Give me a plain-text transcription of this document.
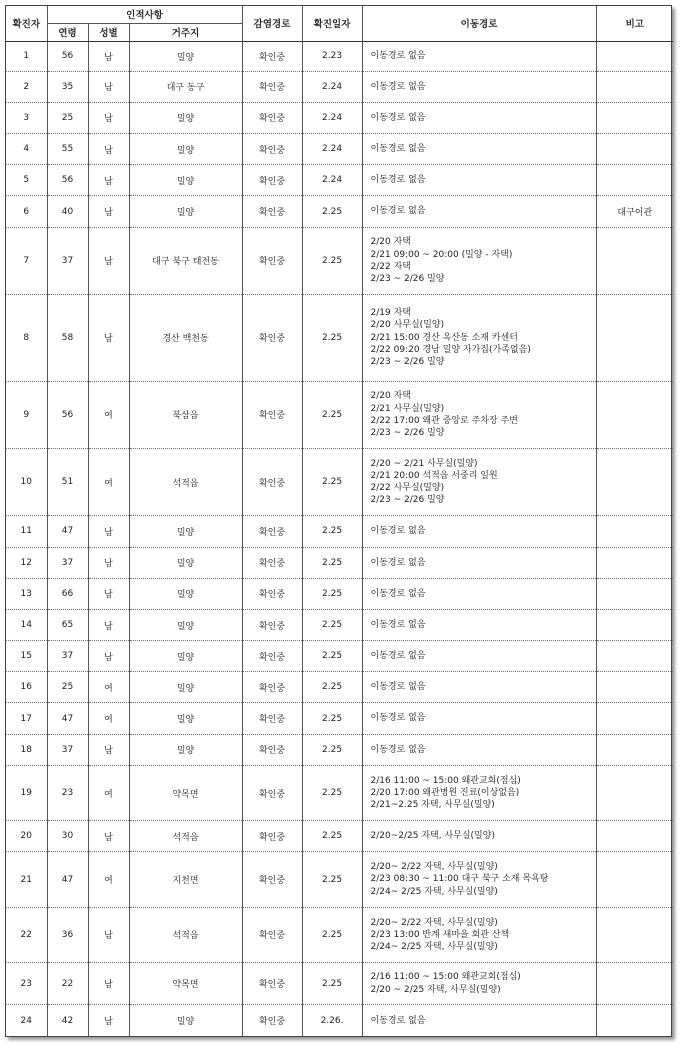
확진자	인적사항			감염경로	확진일자	이동경로	비고
	연령	성별	거주지				
1	56	남	밀양	확인중	2.23	이동경로 없음	

2	35	남	대구 동구	확인중	2.24	이동경로 없음	

3	25	남	밀양	확인중	2.24	이동경로 없음	

4	55	남	밀양	확인중	2.24	이동경로 없음	

5	56	남	밀양	확인중	2.24	이동경로 없음	

6	40	남	밀양	확인중	2.25	이동경로 없음	대구이관
7	37	남	대구 북구 태전동	확인중	2.25	2/20 자택
2/21 09:00 ~ 20:00 (밀양 - 자택)
2/22 자택
2/23 ~ 2/26 밀양	

8	58	남	경산 백천동	확인중	2.25	2/19 자택
2/20 사무실(밀양)
2/21 15:00 경산 옥산동 소재 카센터
2/22 09:20 경남 밀양 자가집(가족없음)
2/23 ~ 2/26 밀양	

9	56	여	북삼읍	확인중	2.25	2/20 자택
2/21 사무실(밀양)
2/22 17:00 왜관 중앙로 주차장 주변
2/23 ~ 2/26 밀양	

10	51	여	석적읍	확인중	2.25	2/20 ~ 2/21 사무실(밀양)
2/21 20:00 석적읍 서중리 일원
2/22 사무실(밀양)
2/23 ~ 2/26 밀양	

11	47	남	밀양	확인중	2.25	이동경로 없음	

12	37	남	밀양	확인중	2.25	이동경로 없음	

13	66	남	밀양	확인중	2.25	이동경로 없음	

14	65	남	밀양	확인중	2.25	이동경로 없음	

15	37	남	밀양	확인중	2.25	이동경로 없음	

16	25	여	밀양	확인중	2.25	이동경로 없음	

17	47	여	밀양	확인중	2.25	이동경로 없음	

18	37	남	밀양	확인중	2.25	이동경로 없음	

19	23	여	약목면	확인중	2.25	2/16 11:00 ~ 15:00 왜관교회(점심)
2/20 17:00 왜관병원 진료(이상없음)
2/21~2.25 자택, 사무실(밀양)	

20	30	남	석적읍	확인중	2.25	2/20~2/25 자택, 사무실(밀양)	

21	47	여	지천면	확인중	2.25	2/20~ 2/22 자택, 사무실(밀양)
2/23 08:30 ~ 11:00 대구 북구 소재 목욕탕
2/24~ 2/25 자택, 사무실(밀양)	

22	36	남	석적읍	확인중	2.25	2/20~ 2/22 자택, 사무실(밀양)
2/23 13:00 반계 새마을 회관 산책
2/24~ 2/25 자택, 사무실(밀양)	

23	22	남	약목면	확인중	2.25	2/16 11:00 ~ 15:00 왜관교회(점심)
2/20 ~ 2/25 자택, 사무실(밀양)	

24	42	남	밀양	확인중	2.26.	이동경로 없음	
